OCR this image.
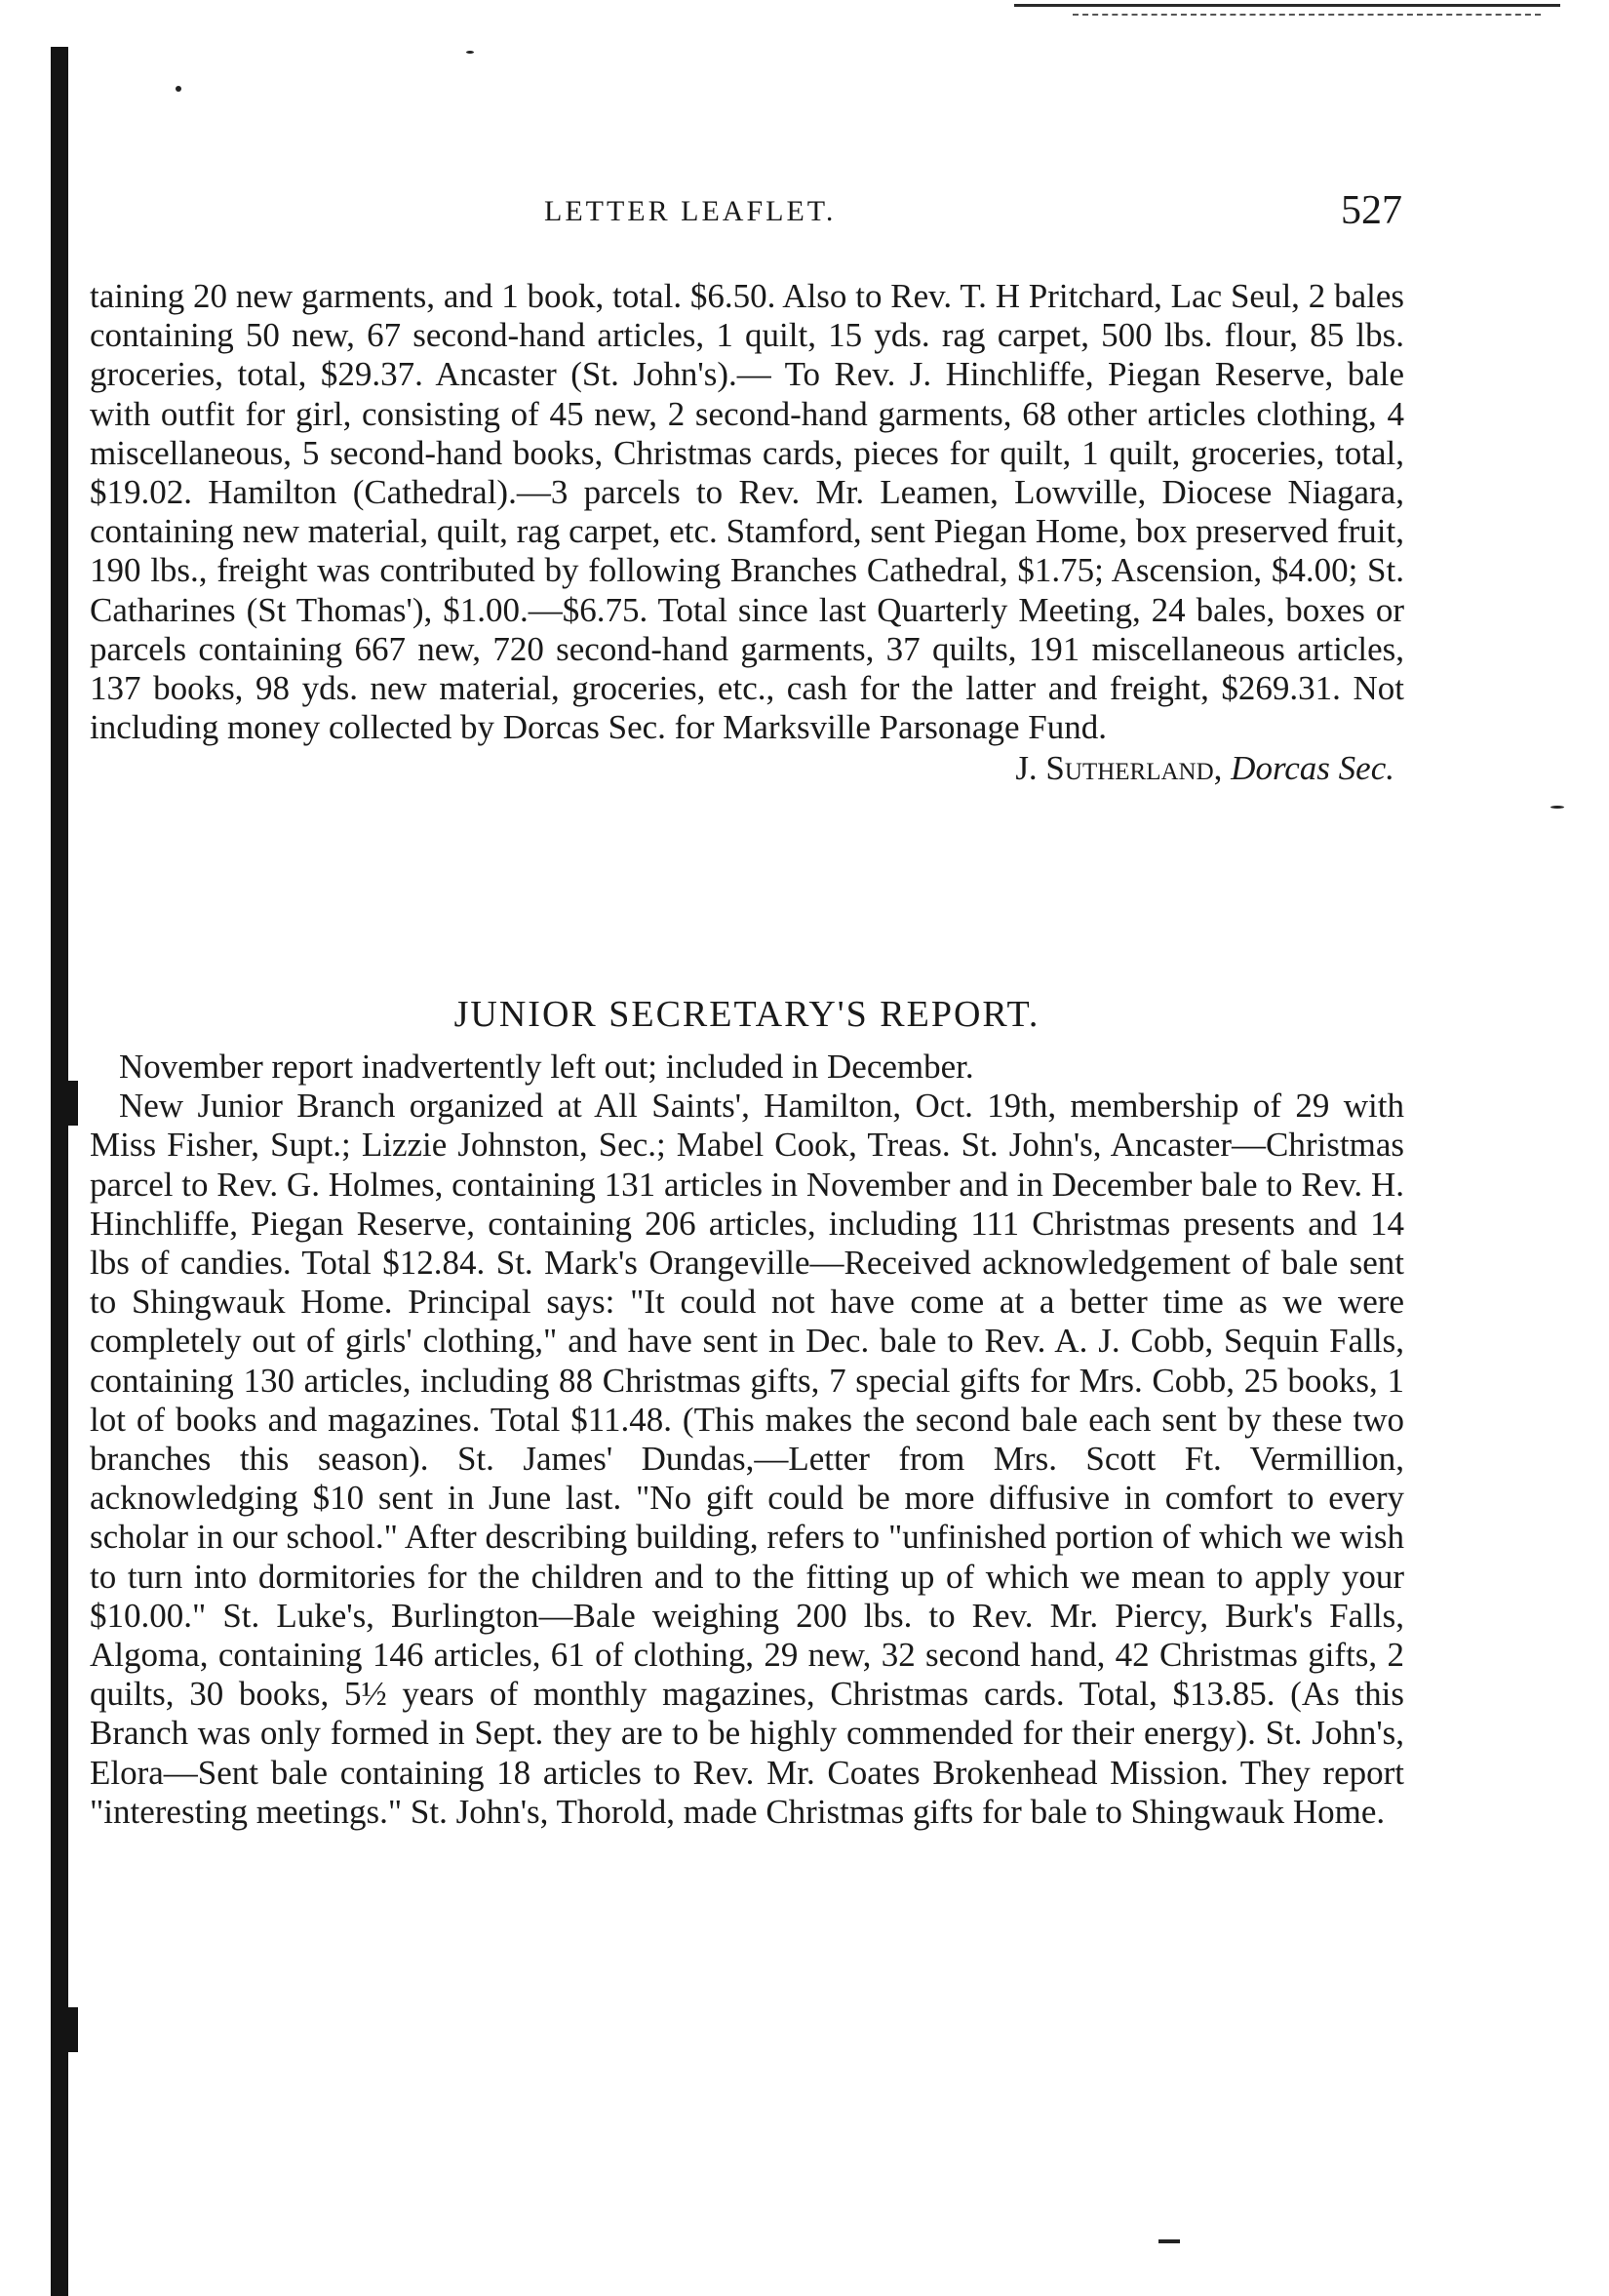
LETTER LEAFLET.	527

taining 20 new garments, and 1 book, total. $6.50. Also to Rev. T. H Pritchard, Lac Seul, 2 bales containing 50 new, 67 second-hand articles, 1 quilt, 15 yds. rag carpet, 500 lbs. flour, 85 lbs. groceries, total, $29.37. Ancaster (St. John's).— To Rev. J. Hinchliffe, Piegan Reserve, bale with outfit for girl, consisting of 45 new, 2 second-hand garments, 68 other articles clothing, 4 miscellaneous, 5 second-hand books, Christmas cards, pieces for quilt, 1 quilt, groceries, total, $19.02. Hamilton (Cathedral).—3 parcels to Rev. Mr. Leamen, Lowville, Diocese Niagara, containing new material, quilt, rag carpet, etc. Stamford, sent Piegan Home, box preserved fruit, 190 lbs., freight was contributed by following Branches Cathedral, $1.75; Ascension, $4.00; St. Catharines (St Thomas'), $1.00.—$6.75. Total since last Quarterly Meeting, 24 bales, boxes or parcels containing 667 new, 720 second-hand garments, 37 quilts, 191 miscellaneous articles, 137 books, 98 yds. new material, groceries, etc., cash for the latter and freight, $269.31. Not including money collected by Dorcas Sec. for Marksville Parsonage Fund.

J. Sutherland, Dorcas Sec.
JUNIOR SECRETARY'S REPORT.

November report inadvertently left out; included in December.

New Junior Branch organized at All Saints', Hamilton, Oct. 19th, membership of 29 with Miss Fisher, Supt.; Lizzie Johnston, Sec.; Mabel Cook, Treas. St. John's, Ancaster—Christmas parcel to Rev. G. Holmes, containing 131 articles in November and in December bale to Rev. H. Hinchliffe, Piegan Reserve, containing 206 articles, including 111 Christmas presents and 14 lbs of candies. Total $12.84. St. Mark's Orangeville—Received acknowledgement of bale sent to Shingwauk Home. Principal says: "It could not have come at a better time as we were completely out of girls' clothing," and have sent in Dec. bale to Rev. A. J. Cobb, Sequin Falls, containing 130 articles, including 88 Christmas gifts, 7 special gifts for Mrs. Cobb, 25 books, 1 lot of books and magazines. Total $11.48. (This makes the second bale each sent by these two branches this season). St. James' Dundas,—Letter from Mrs. Scott Ft. Vermillion, acknowledging $10 sent in June last. "No gift could be more diffusive in comfort to every scholar in our school." After describing building, refers to "unfinished portion of which we wish to turn into dormitories for the children and to the fitting up of which we mean to apply your $10.00." St. Luke's, Burlington—Bale weighing 200 lbs. to Rev. Mr. Piercy, Burk's Falls, Algoma, containing 146 articles, 61 of clothing, 29 new, 32 second hand, 42 Christmas gifts, 2 quilts, 30 books, 5½ years of monthly magazines, Christmas cards. Total, $13.85. (As this Branch was only formed in Sept. they are to be highly commended for their energy). St. John's, Elora—Sent bale containing 18 articles to Rev. Mr. Coates Brokenhead Mission. They report "interesting meetings." St. John's, Thorold, made Christmas gifts for bale to Shingwauk Home.
